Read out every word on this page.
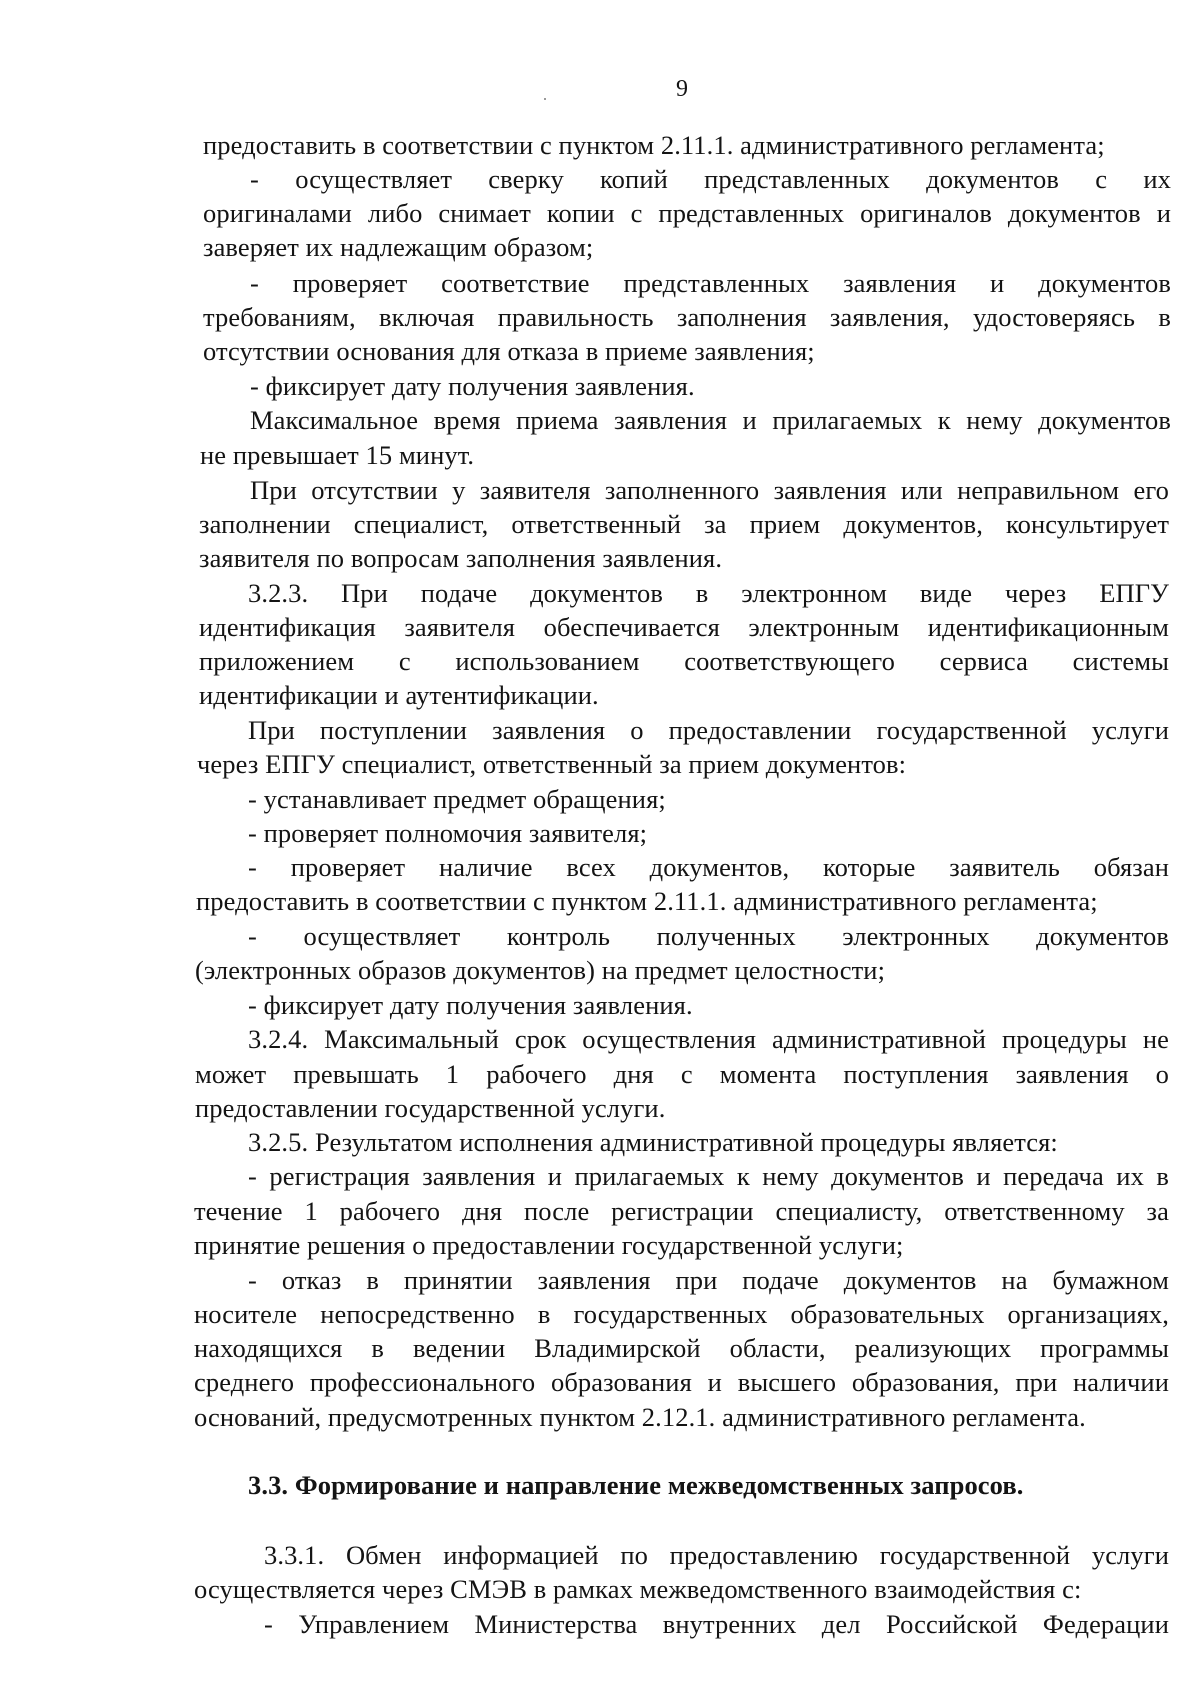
9
предоставить в соответствии с пунктом 2.11.1. административного регламента;
- осуществляет сверку копий представленных документов с их
оригиналами либо снимает копии с представленных оригиналов документов и
заверяет их надлежащим образом;
- проверяет соответствие представленных заявления и документов
требованиям, включая правильность заполнения заявления, удостоверяясь в
отсутствии основания для отказа в приеме заявления;
- фиксирует дату получения заявления.
Максимальное время приема заявления и прилагаемых к нему документов
не превышает 15 минут.
При отсутствии у заявителя заполненного заявления или неправильном его
заполнении специалист, ответственный за прием документов, консультирует
заявителя по вопросам заполнения заявления.
3.2.3. При подаче документов в электронном виде через ЕПГУ
идентификация заявителя обеспечивается электронным идентификационным
приложением с использованием соответствующего сервиса системы
идентификации и аутентификации.
При поступлении заявления о предоставлении государственной услуги
через ЕПГУ специалист, ответственный за прием документов:
- устанавливает предмет обращения;
- проверяет полномочия заявителя;
- проверяет наличие всех документов, которые заявитель обязан
предоставить в соответствии с пунктом 2.11.1. административного регламента;
- осуществляет контроль полученных электронных документов
(электронных образов документов) на предмет целостности;
- фиксирует дату получения заявления.
3.2.4. Максимальный срок осуществления административной процедуры не
может превышать 1 рабочего дня с момента поступления заявления о
предоставлении государственной услуги.
3.2.5. Результатом исполнения административной процедуры является:
- регистрация заявления и прилагаемых к нему документов и передача их в
течение 1 рабочего дня после регистрации специалисту, ответственному за
принятие решения о предоставлении государственной услуги;
- отказ в принятии заявления при подаче документов на бумажном
носителе непосредственно в государственных образовательных организациях,
находящихся в ведении Владимирской области, реализующих программы
среднего профессионального образования и высшего образования, при наличии
оснований, предусмотренных пунктом 2.12.1. административного регламента.
3.3. Формирование и направление межведомственных запросов.
3.3.1. Обмен информацией по предоставлению государственной услуги
осуществляется через СМЭВ в рамках межведомственного взаимодействия с:
- Управлением Министерства внутренних дел Российской Федерации
